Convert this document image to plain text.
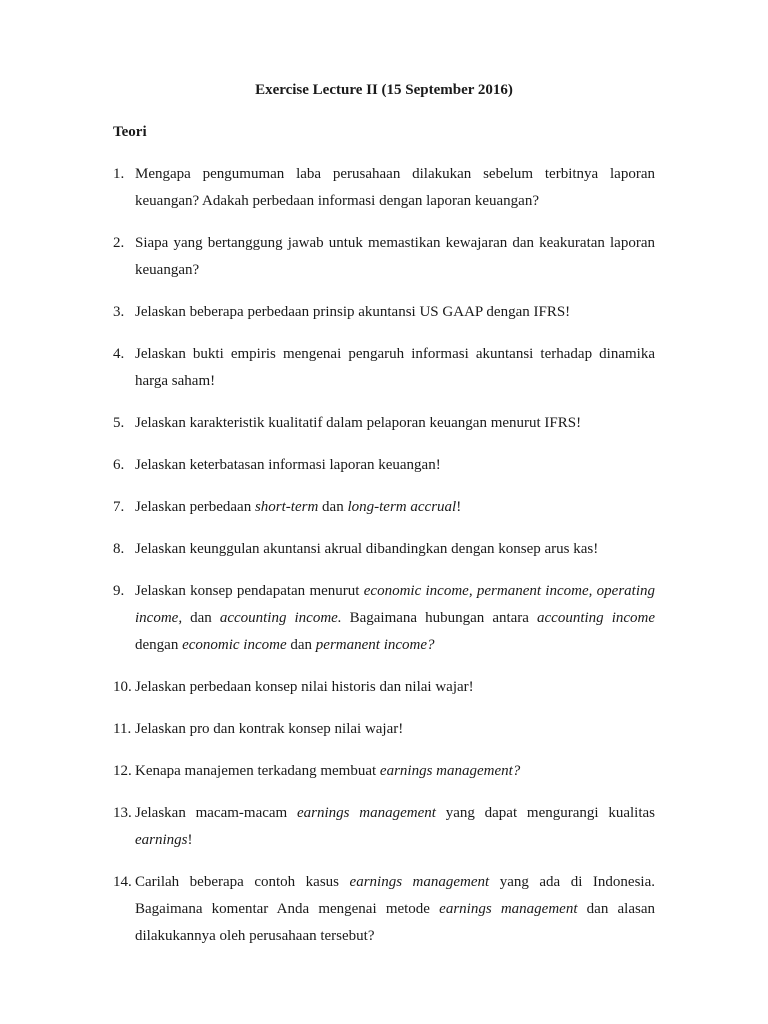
Exercise Lecture II (15 September 2016)
Teori
1. Mengapa pengumuman laba perusahaan dilakukan sebelum terbitnya laporan keuangan? Adakah perbedaan informasi dengan laporan keuangan?
2. Siapa yang bertanggung jawab untuk memastikan kewajaran dan keakuratan laporan keuangan?
3. Jelaskan beberapa perbedaan prinsip akuntansi US GAAP dengan IFRS!
4. Jelaskan bukti empiris mengenai pengaruh informasi akuntansi terhadap dinamika harga saham!
5. Jelaskan karakteristik kualitatif dalam pelaporan keuangan menurut IFRS!
6. Jelaskan keterbatasan informasi laporan keuangan!
7. Jelaskan perbedaan short-term dan long-term accrual!
8. Jelaskan keunggulan akuntansi akrual dibandingkan dengan konsep arus kas!
9. Jelaskan konsep pendapatan menurut economic income, permanent income, operating income, dan accounting income. Bagaimana hubungan antara accounting income dengan economic income dan permanent income?
10. Jelaskan perbedaan konsep nilai historis dan nilai wajar!
11. Jelaskan pro dan kontrak konsep nilai wajar!
12. Kenapa manajemen terkadang membuat earnings management?
13. Jelaskan macam-macam earnings management yang dapat mengurangi kualitas earnings!
14. Carilah beberapa contoh kasus earnings management yang ada di Indonesia. Bagaimana komentar Anda mengenai metode earnings management dan alasan dilakukannya oleh perusahaan tersebut?
